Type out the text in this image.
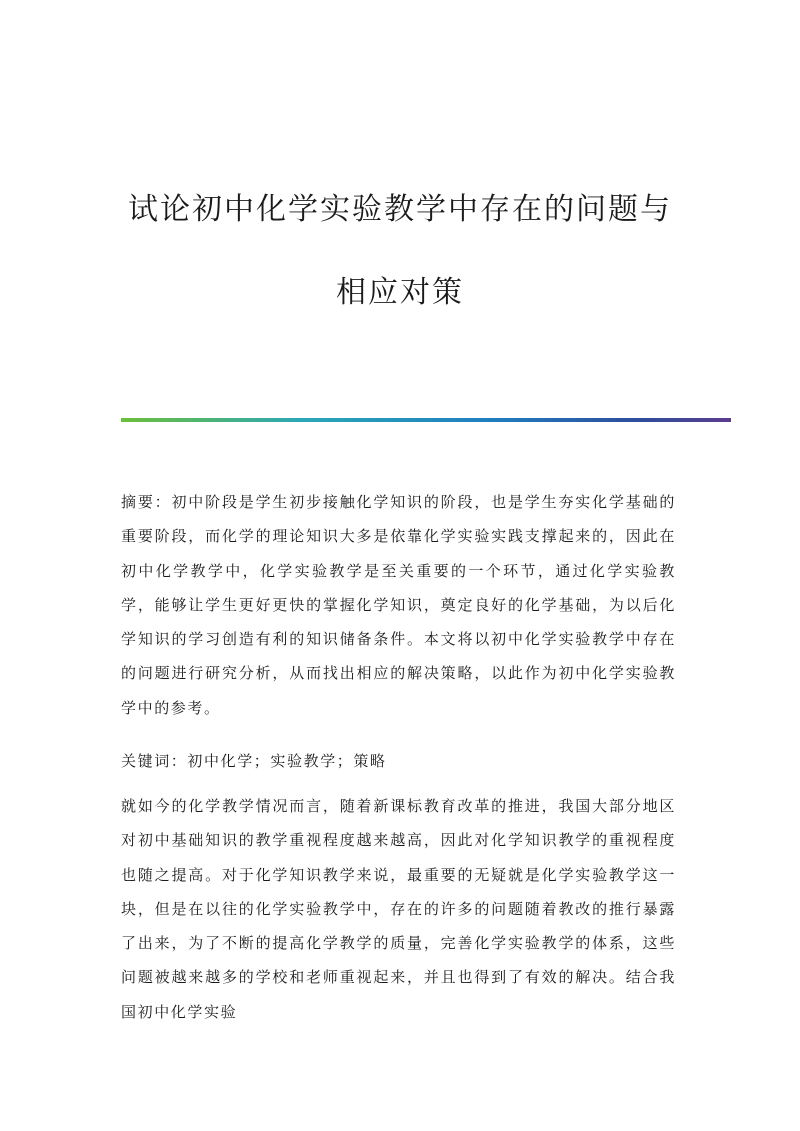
试论初中化学实验教学中存在的问题与
相应对策

摘要：初中阶段是学生初步接触化学知识的阶段，也是学生夯实化学基础的重要阶段，而化学的理论知识大多是依靠化学实验实践支撑起来的，因此在初中化学教学中，化学实验教学是至关重要的一个环节，通过化学实验教学，能够让学生更好更快的掌握化学知识，奠定良好的化学基础，为以后化学知识的学习创造有利的知识储备条件。本文将以初中化学实验教学中存在的问题进行研究分析，从而找出相应的解决策略，以此作为初中化学实验教学中的参考。

关键词：初中化学；实验教学；策略

就如今的化学教学情况而言，随着新课标教育改革的推进，我国大部分地区对初中基础知识的教学重视程度越来越高，因此对化学知识教学的重视程度也随之提高。对于化学知识教学来说，最重要的无疑就是化学实验教学这一块，但是在以往的化学实验教学中，存在的许多的问题随着教改的推行暴露了出来，为了不断的提高化学教学的质量，完善化学实验教学的体系，这些问题被越来越多的学校和老师重视起来，并且也得到了有效的解决。结合我国初中化学实验
